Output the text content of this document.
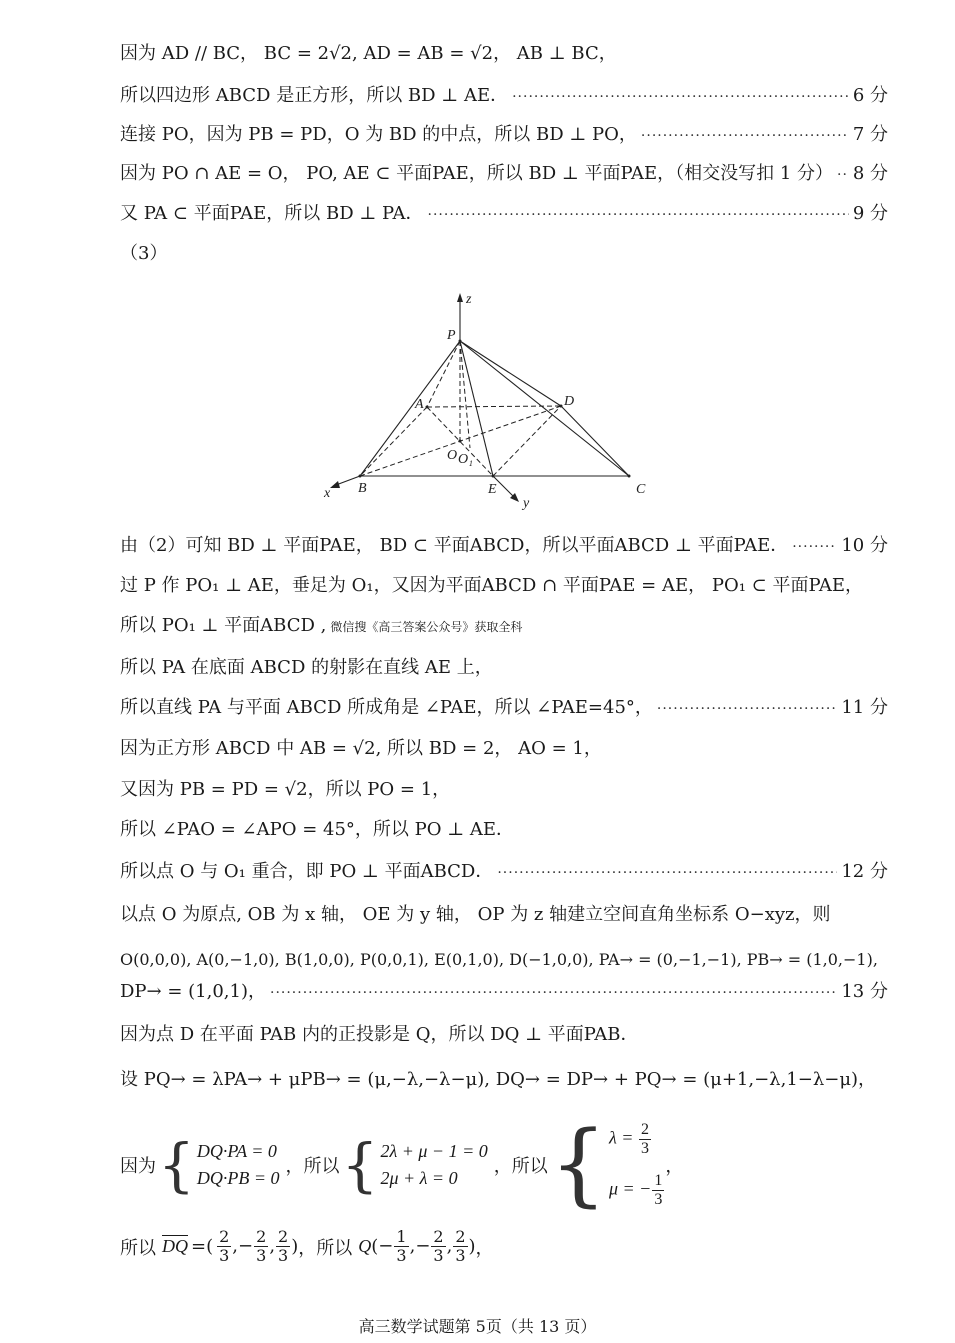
因为 AD // BC， BC = 2√2, AD = AB = √2， AB ⊥ BC，
所以四边形 ABCD 是正方形，所以 BD ⊥ AE． ·····	6 分
连接 PO，因为 PB = PD，O 为 BD 的中点，所以 BD ⊥ PO， ·····	7 分
因为 PO ∩ AE = O， PO, AE ⊂ 平面PAE，所以 BD ⊥ 平面PAE，（相交没写扣 1 分） ····· 8 分
又 PA ⊂ 平面PAE，所以 BD ⊥ PA． ·····	9 分
（3）
P
A	D
B	E	C
O O₁
x
y
z
由（2）可知 BD ⊥ 平面PAE， BD ⊂ 平面ABCD，所以平面ABCD ⊥ 平面PAE． ·····	10 分
过 P 作 PO₁ ⊥ AE，垂足为 O₁，又因为平面ABCD ∩ 平面PAE = AE， PO₁ ⊂ 平面PAE，
所以 PO₁ ⊥ 平面ABCD , 微信搜《高三答案公众号》获取全科
所以 PA 在底面 ABCD 的射影在直线 AE 上，
所以直线 PA 与平面 ABCD 所成角是 ∠PAE，所以 ∠PAE=45°， ·····	11 分
因为正方形 ABCD 中 AB = √2, 所以 BD = 2， AO = 1，
又因为 PB = PD = √2，所以 PO = 1，
所以 ∠PAO = ∠APO = 45°，所以 PO ⊥ AE．
所以点 O 与 O₁ 重合，即 PO ⊥ 平面ABCD． ·····	12 分
以点 O 为原点, OB 为 x 轴， OE 为 y 轴， OP 为 z 轴建立空间直角坐标系 O−xyz，则
O(0,0,0), A(0,−1,0), B(1,0,0), P(0,0,1), E(0,1,0), D(−1,0,0), PA→ = (0,−1,−1), PB→ = (1,0,−1),
DP→ = (1,0,1)， ·····	13 分
因为点 D 在平面 PAB 内的正投影是 Q，所以 DQ ⊥ 平面PAB．
设 PQ→ = λPA→ + μPB→ = (μ,−λ,−λ−μ), DQ→ = DP→ + PQ→ = (μ+1,−λ,1−λ−μ)，
因为 { DQ·PA = 0
DQ·PB = 0
，所以 { 2λ + μ − 1 = 0
2μ + λ = 0
，所以 { $\lambda = \frac{2}{3}$
μ = − $\frac{1}{3}$
，
所以 $\overline{DQ}$ =( $\frac{2}{3}$ ,− $\frac{2}{3}$ , $\frac{2}{3}$ ) ，所以 Q ( − $\frac{1}{3}$ ,− $\frac{2}{3}$ , $\frac{2}{3}$ ) ，
高三数学试题第 5页（共 13 页）
